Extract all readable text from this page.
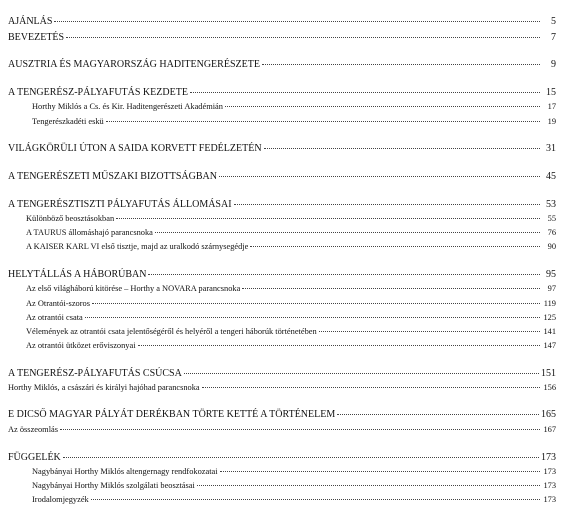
AJÁNLÁS	5
BEVEZETÉS	7
AUSZTRIA ÉS MAGYARORSZÁG HADITENGERÉSZETE	9
A TENGERÉSZ-PÁLYAFUTÁS KEZDETE	15
Horthy Miklós a Cs. és Kir. Haditengerészeti Akadémián	17
Tengerészkadéti eskü	19
VILÁGKÖRÜLI ÚTON A SAIDA KORVETT FEDÉLZETÉN	31
A TENGERÉSZETI MŰSZAKI BIZOTTSÁGBAN	45
A TENGERÉSZTISZTI PÁLYAFUTÁS ÁLLOMÁSAI	53
Különböző beosztásokban	55
A TAURUS állomáshajó parancsnoka	76
A KAISER KARL VI első tisztje, majd az uralkodó szárnysegédje	90
HELYTÁLLÁS A HÁBORÚBAN	95
Az első világháború kitörése – Horthy a NOVARA parancsnoka	97
Az Otrantói-szoros	119
Az otrantói csata	125
Vélemények az otrantói csata jelentőségéről és helyéről a tengeri háborúk történetében	141
Az otrantói ütközet erőviszonyai	147
A TENGERÉSZ-PÁLYAFUTÁS CSÚCSA	151
Horthy Miklós, a császári és királyi hajóhad parancsnoka	156
E DICSŐ MAGYAR PÁLYÁT DERÉKBAN TÖRTE KETTÉ A TÖRTÉNELEM	165
Az összeomlás	167
FÜGGELÉK	173
Nagybányai Horthy Miklós altengernagy rendfokozatai	173
Nagybányai Horthy Miklós szolgálati beosztásai	173
Irodalomjegyzék	173
